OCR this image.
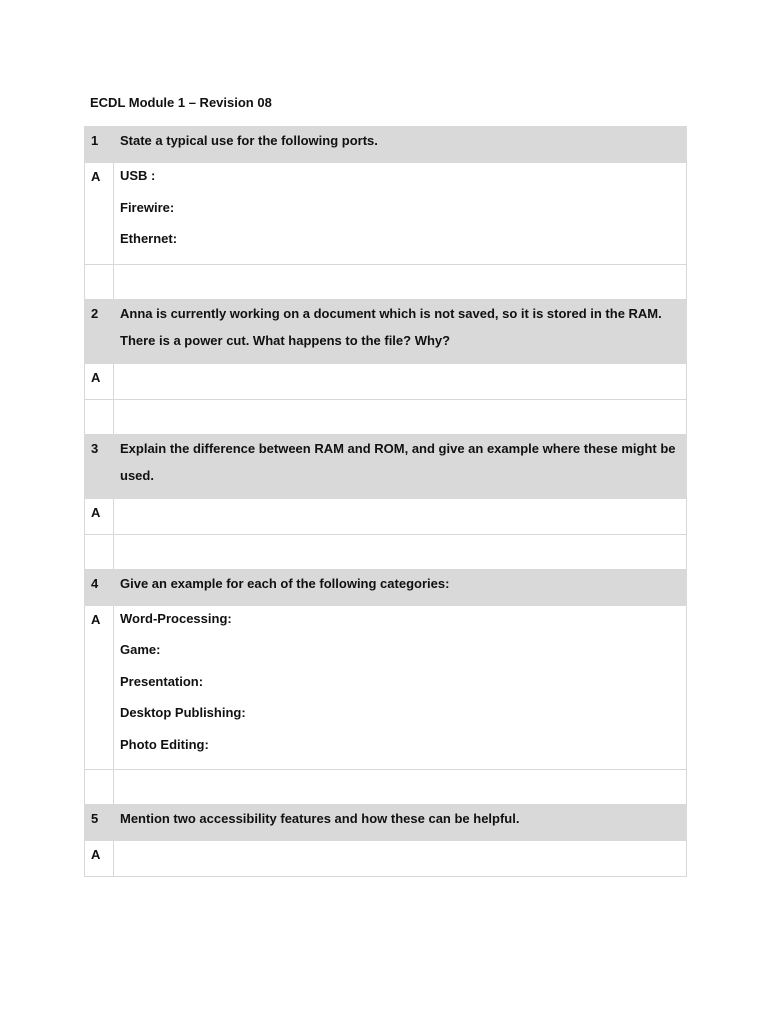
ECDL Module 1 – Revision 08
1	State a typical use for the following ports.

A	USB :
Firewire:
Ethernet:

2	Anna is currently working on a document which is not saved, so it is stored in the RAM. There is a power cut. What happens to the file? Why?

A	

3	Explain the difference between RAM and ROM, and give an example where these might be used.

A	

4	Give an example for each of the following categories:

A	Word-Processing:
Game:
Presentation:
Desktop Publishing:
Photo Editing:

5	Mention two accessibility features and how these can be helpful.

A	
